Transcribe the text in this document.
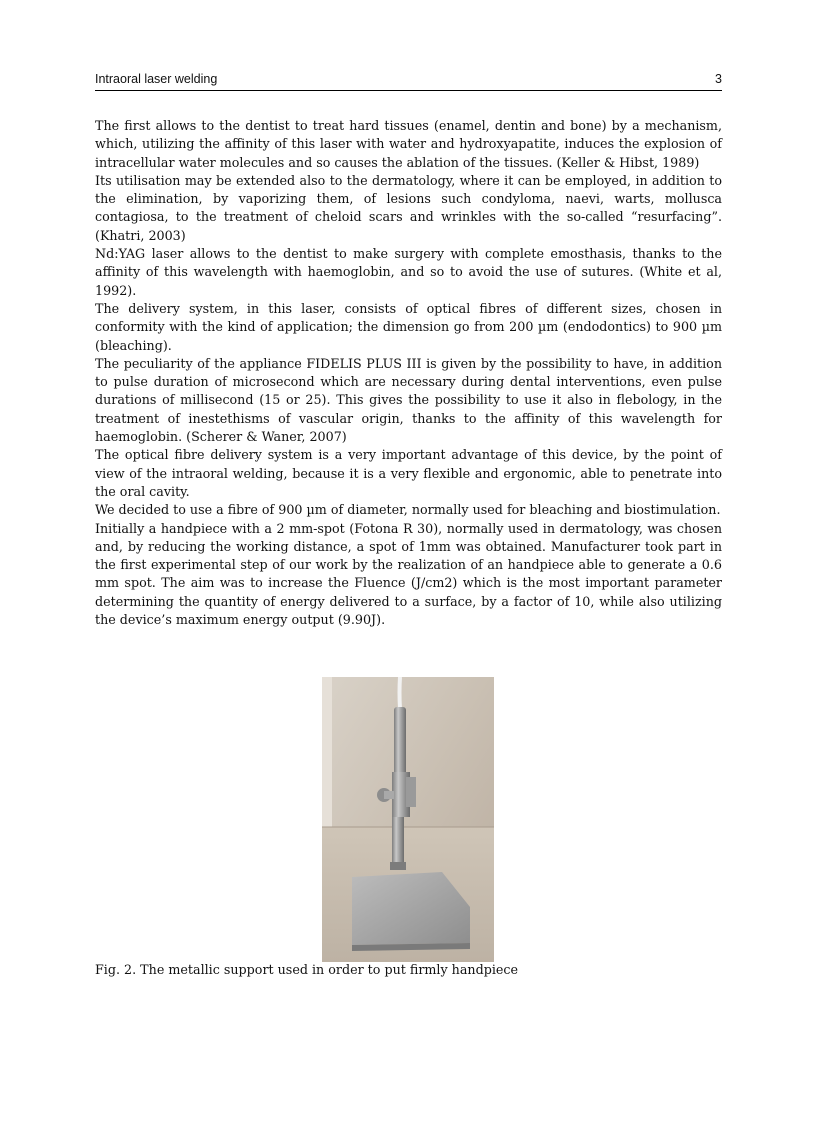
Intraoral laser welding	3

The first allows to the dentist to treat hard tissues (enamel, dentin and bone) by a mechanism, which, utilizing the affinity of this laser with water and hydroxyapatite, induces the explosion of intracellular water molecules and so causes the ablation of the tissues. (Keller & Hibst, 1989)

Its utilisation may be extended also to the dermatology, where it can be employed, in addition to the elimination, by vaporizing them, of lesions such condyloma, naevi, warts, mollusca contagiosa, to the treatment of cheloid scars and wrinkles with the so-called “resurfacing”. (Khatri, 2003)

Nd:YAG laser allows to the dentist to make surgery with complete emosthasis, thanks to the affinity of this wavelength with haemoglobin, and so to avoid the use of sutures. (White et al, 1992).

The delivery system, in this laser, consists of optical fibres of different sizes, chosen in conformity with the kind of application; the dimension go from 200 µm (endodontics) to 900 µm (bleaching).

The peculiarity of the appliance FIDELIS PLUS III is given by the possibility to have, in addition to pulse duration of microsecond which are necessary during dental interventions, even pulse durations of millisecond (15 or 25). This gives the possibility to use it also in flebology, in the treatment of inestethisms of vascular origin, thanks to the affinity of this wavelength for haemoglobin. (Scherer & Waner, 2007)

The optical fibre delivery system is a very important advantage of this device, by the point of view of the intraoral welding, because it is a very flexible and ergonomic, able to penetrate into the oral cavity.

We decided to use a fibre of 900 µm of diameter, normally used for bleaching and biostimulation.

Initially a handpiece with a 2 mm-spot (Fotona R 30), normally used in dermatology, was chosen and, by reducing the working distance, a spot of 1mm was obtained. Manufacturer took part in the first experimental step of our work by the realization of an handpiece able to generate a 0.6 mm spot. The aim was to increase the Fluence (J/cm2) which is the most important parameter determining the quantity of energy delivered to a surface, by a factor of 10, while also utilizing the device’s maximum energy output (9.90J).

Fig. 2. The metallic support used in order to put firmly handpiece
